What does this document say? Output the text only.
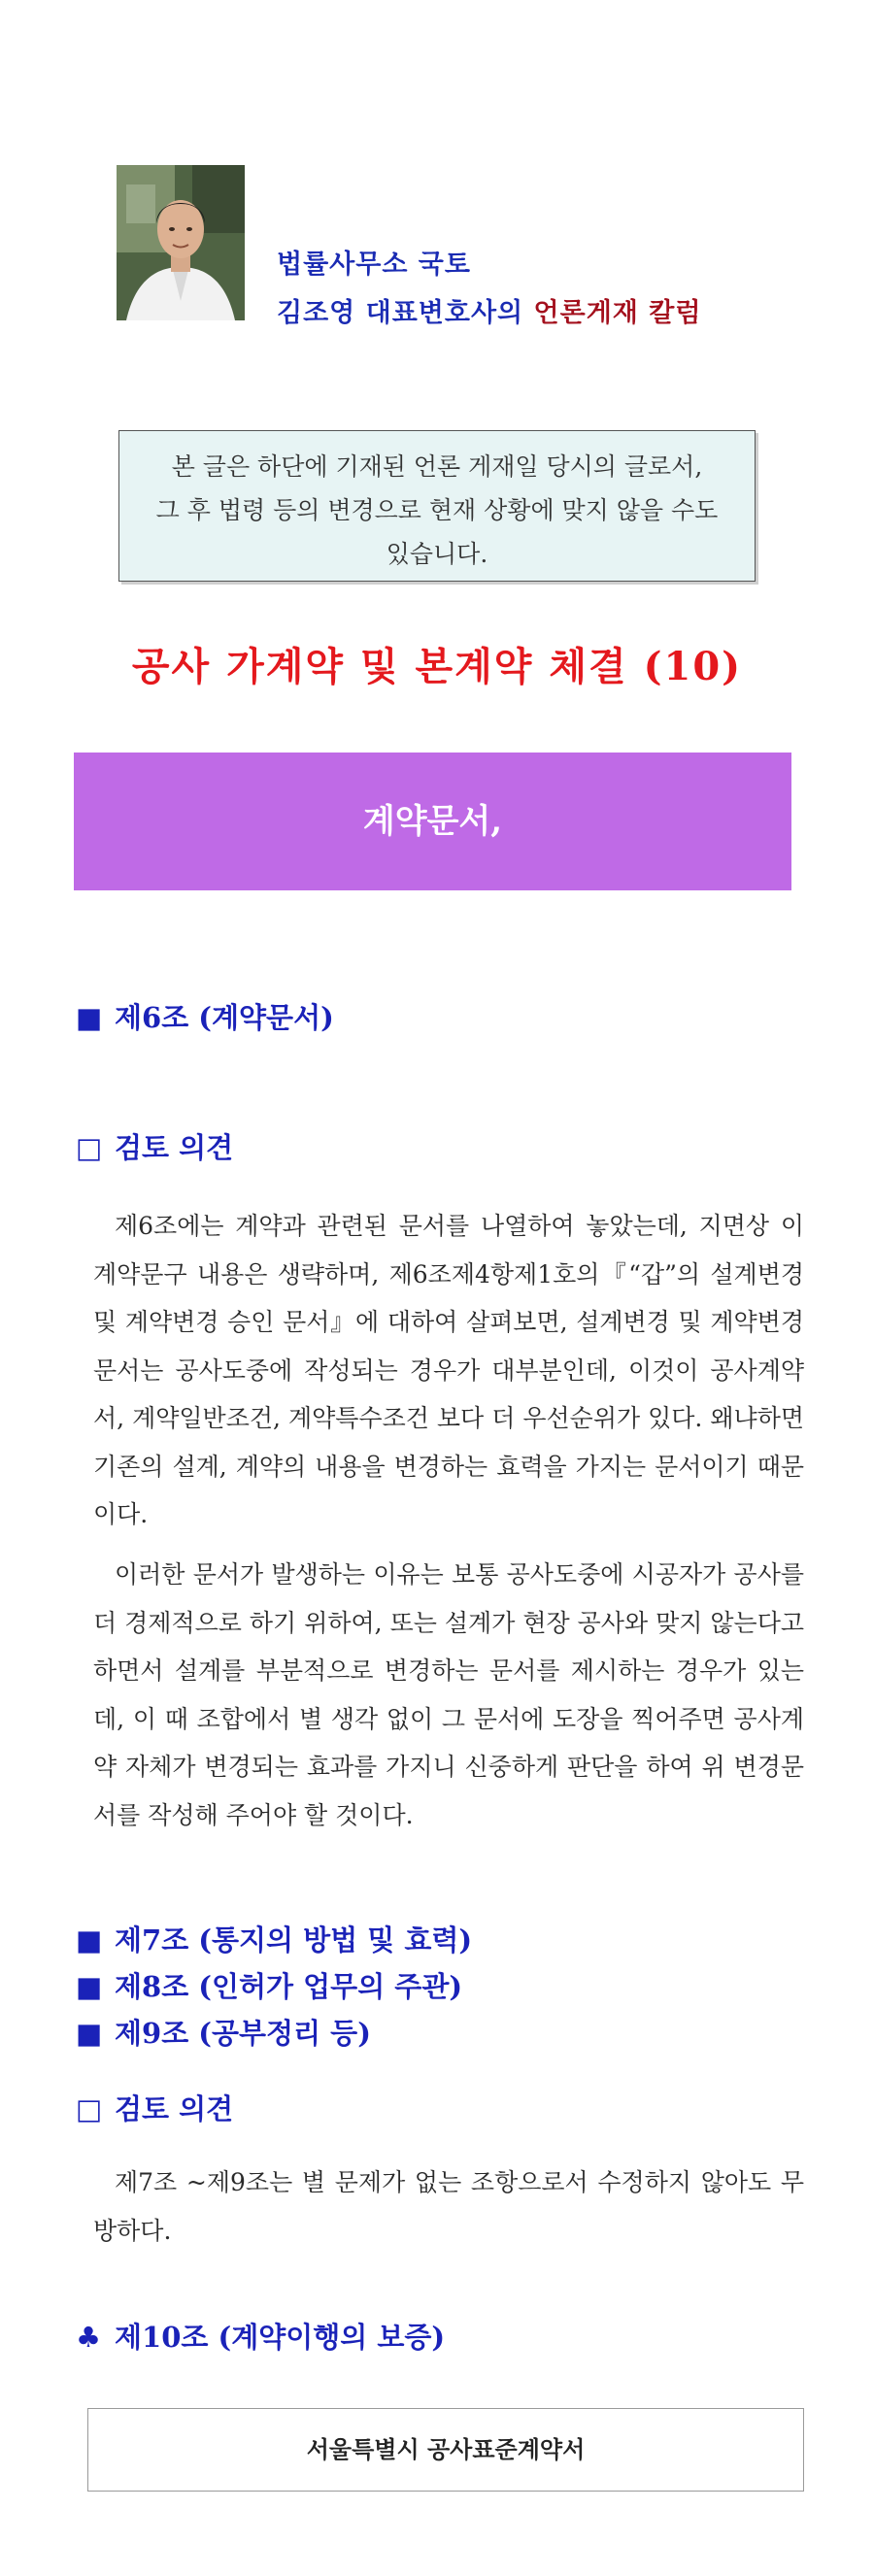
법률사무소 국토
김조영 대표변호사의 언론게재 칼럼
본 글은 하단에 기재된 언론 게재일 당시의 글로서,
그 후 법령 등의 변경으로 현재 상황에 맞지 않을 수도
있습니다.
공사 가계약 및 본계약 체결 (10)
계약문서,
■ 제6조 (계약문서)
□ 검토 의견
제6조에는 계약과 관련된 문서를 나열하여 놓았는데, 지면상 이 계약문구 내용은 생략하며, 제6조제4항제1호의『“갑”의 설계변경 및 계약변경 승인 문서』에 대하여 살펴보면, 설계변경 및 계약변경문서는 공사도중에 작성되는 경우가 대부분인데, 이것이 공사계약서, 계약일반조건, 계약특수조건 보다 더 우선순위가 있다. 왜냐하면 기존의 설계, 계약의 내용을 변경하는 효력을 가지는 문서이기 때문이다.
이러한 문서가 발생하는 이유는 보통 공사도중에 시공자가 공사를 더 경제적으로 하기 위하여, 또는 설계가 현장 공사와 맞지 않는다고 하면서 설계를 부분적으로 변경하는 문서를 제시하는 경우가 있는데, 이 때 조합에서 별 생각 없이 그 문서에 도장을 찍어주면 공사계약 자체가 변경되는 효과를 가지니 신중하게 판단을 하여 위 변경문서를 작성해 주어야 할 것이다.
■ 제7조 (통지의 방법 및 효력)
■ 제8조 (인허가 업무의 주관)
■ 제9조 (공부정리 등)
□ 검토 의견
제7조 ~제9조는 별 문제가 없는 조항으로서 수정하지 않아도 무방하다.
♣ 제10조 (계약이행의 보증)
서울특별시 공사표준계약서
